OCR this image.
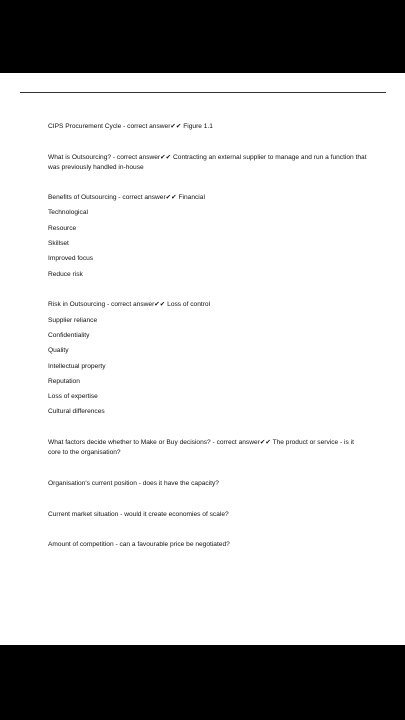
CIPS Procurement Cycle - correct answer✔✔ Figure 1.1
What is Outsourcing? - correct answer✔✔ Contracting an external supplier to manage and run a function that was previously handled in-house
Benefits of Outsourcing - correct answer✔✔ Financial
Technological
Resource
Skillset
Improved focus
Reduce risk
Risk in Outsourcing - correct answer✔✔ Loss of control
Supplier reliance
Confidentiality
Quality
Intellectual property
Reputation
Loss of expertise
Cultural differences
What factors decide whether to Make or Buy decisions? - correct answer✔✔ The product or service - is it core to the organisation?
Organisation's current position - does it have the capacity?
Current market situation - would it create economies of scale?
Amount of competition - can a favourable price be negotiated?
